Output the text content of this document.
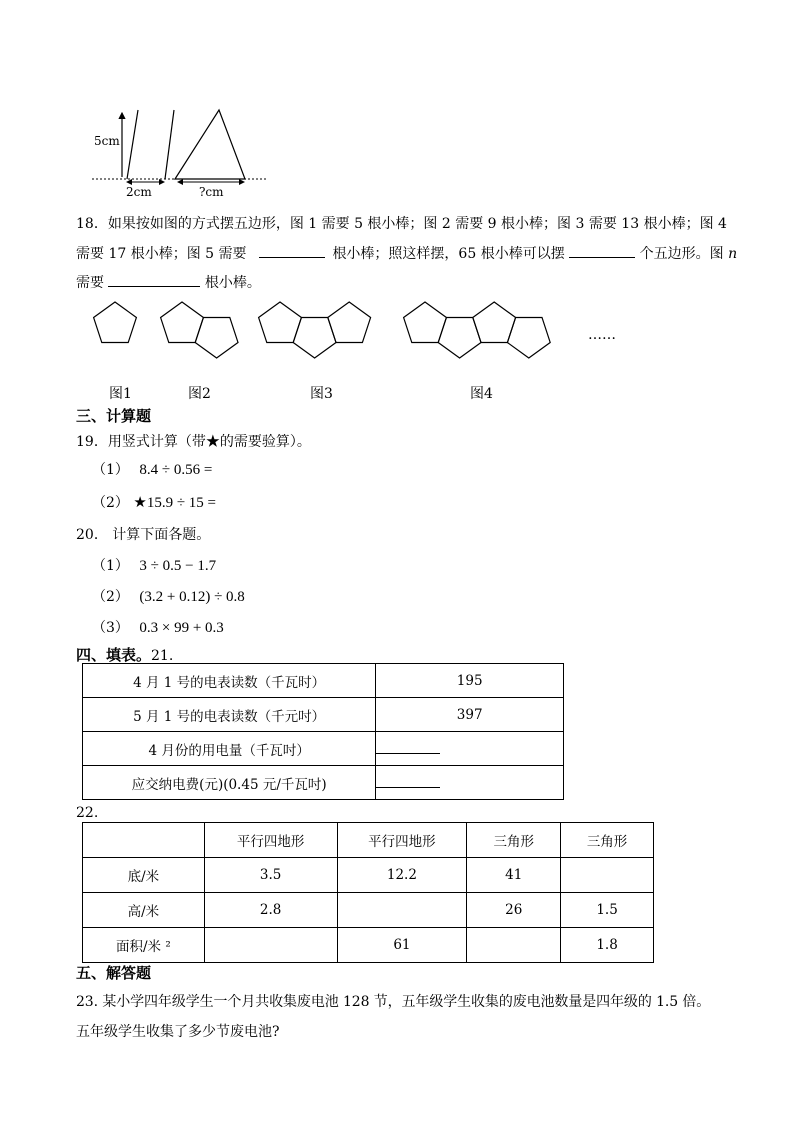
5cm
2cm	?cm
18．如果按如图的方式摆五边形，图 1 需要 5 根小棒；图 2 需要 9 根小棒；图 3 需要 13 根小棒；图 4
需要 17 根小棒；图 5 需要	根小棒；照这样摆，65 根小棒可以摆	个五边形。图 n
需要	根小棒。
……
图1	图2	图3	图4
三、计算题
19．用竖式计算（带★的需要验算）。
（1） 8.4 ÷ 0.56 =
（2） ★15.9 ÷ 15 =
20． 计算下面各题。
（1） 3 ÷ 0.5 − 1.7
（2） (3.2 + 0.12) ÷ 0.8
（3） 0.3 × 99 + 0.3
四、填表。21.
4 月 1 号的电表读数（千瓦时）	195
5 月 1 号的电表读数（千元吋）	397
4 月份的用电量（千瓦吋）	
应交纳电费(元)(0.45 元/千瓦吋)	
22.
	平行四地形	平行四地形	三角形	三角形
底/米	3.5	12.2	41	
高/米	2.8		26	1.5
面积/米 ²		61		1.8
五、解答题
23. 某小学四年级学生一个月共收集废电池 128 节，五年级学生收集的废电池数量是四年级的 1.5 倍。
五年级学生收集了多少节废电池?
